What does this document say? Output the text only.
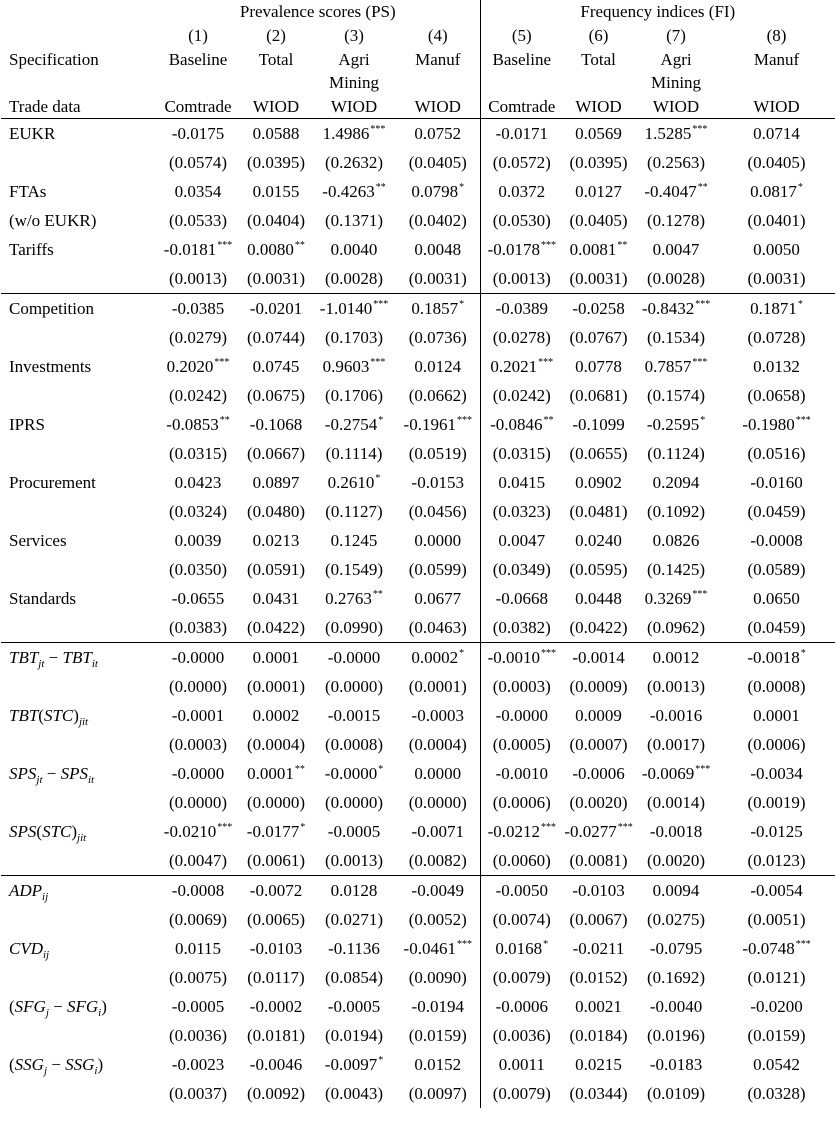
	Prevalence scores (PS)				Frequency indices (FI)			
	(1)	(2)	(3)	(4)	(5)	(6)	(7)	(8)
Specification	Baseline	Total	Agri	Manuf	Baseline	Total	Agri	Manuf
			Mining				Mining	
Trade data	Comtrade	WIOD	WIOD	WIOD	Comtrade	WIOD	WIOD	WIOD
EUKR	-0.0175	0.0588	1.4986***	0.0752	-0.0171	0.0569	1.5285***	0.0714
	(0.0574)	(0.0395)	(0.2632)	(0.0405)	(0.0572)	(0.0395)	(0.2563)	(0.0405)
FTAs	0.0354	0.0155	-0.4263**	0.0798*	0.0372	0.0127	-0.4047**	0.0817*
(w/o EUKR)	(0.0533)	(0.0404)	(0.1371)	(0.0402)	(0.0530)	(0.0405)	(0.1278)	(0.0401)
Tariffs	-0.0181***	0.0080**	0.0040	0.0048	-0.0178***	0.0081**	0.0047	0.0050
	(0.0013)	(0.0031)	(0.0028)	(0.0031)	(0.0013)	(0.0031)	(0.0028)	(0.0031)
Competition	-0.0385	-0.0201	-1.0140***	0.1857*	-0.0389	-0.0258	-0.8432***	0.1871*
	(0.0279)	(0.0744)	(0.1703)	(0.0736)	(0.0278)	(0.0767)	(0.1534)	(0.0728)
Investments	0.2020***	0.0745	0.9603***	0.0124	0.2021***	0.0778	0.7857***	0.0132
	(0.0242)	(0.0675)	(0.1706)	(0.0662)	(0.0242)	(0.0681)	(0.1574)	(0.0658)
IPRS	-0.0853**	-0.1068	-0.2754*	-0.1961***	-0.0846**	-0.1099	-0.2595*	-0.1980***
	(0.0315)	(0.0667)	(0.1114)	(0.0519)	(0.0315)	(0.0655)	(0.1124)	(0.0516)
Procurement	0.0423	0.0897	0.2610*	-0.0153	0.0415	0.0902	0.2094	-0.0160
	(0.0324)	(0.0480)	(0.1127)	(0.0456)	(0.0323)	(0.0481)	(0.1092)	(0.0459)
Services	0.0039	0.0213	0.1245	0.0000	0.0047	0.0240	0.0826	-0.0008
	(0.0350)	(0.0591)	(0.1549)	(0.0599)	(0.0349)	(0.0595)	(0.1425)	(0.0589)
Standards	-0.0655	0.0431	0.2763**	0.0677	-0.0668	0.0448	0.3269***	0.0650
	(0.0383)	(0.0422)	(0.0990)	(0.0463)	(0.0382)	(0.0422)	(0.0962)	(0.0459)
$TBT_{jt} - TBT_{it}$	-0.0000	0.0001	-0.0000	0.0002*	-0.0010***	-0.0014	0.0012	-0.0018*
	(0.0000)	(0.0001)	(0.0000)	(0.0001)	(0.0003)	(0.0009)	(0.0013)	(0.0008)
$TBT(STC)_{jit}$	-0.0001	0.0002	-0.0015	-0.0003	-0.0000	0.0009	-0.0016	0.0001
	(0.0003)	(0.0004)	(0.0008)	(0.0004)	(0.0005)	(0.0007)	(0.0017)	(0.0006)
$SPS_{jt} - SPS_{it}$	-0.0000	0.0001**	-0.0000*	0.0000	-0.0010	-0.0006	-0.0069***	-0.0034
	(0.0000)	(0.0000)	(0.0000)	(0.0000)	(0.0006)	(0.0020)	(0.0014)	(0.0019)
$SPS(STC)_{jit}$	-0.0210***	-0.0177*	-0.0005	-0.0071	-0.0212***	-0.0277***	-0.0018	-0.0125
	(0.0047)	(0.0061)	(0.0013)	(0.0082)	(0.0060)	(0.0081)	(0.0020)	(0.0123)
$ADP_{ij}$	-0.0008	-0.0072	0.0128	-0.0049	-0.0050	-0.0103	0.0094	-0.0054
	(0.0069)	(0.0065)	(0.0271)	(0.0052)	(0.0074)	(0.0067)	(0.0275)	(0.0051)
$CVD_{ij}$	0.0115	-0.0103	-0.1136	-0.0461***	0.0168*	-0.0211	-0.0795	-0.0748***
	(0.0075)	(0.0117)	(0.0854)	(0.0090)	(0.0079)	(0.0152)	(0.1692)	(0.0121)
$(SFG_j - SFG_i)$	-0.0005	-0.0002	-0.0005	-0.0194	-0.0006	0.0021	-0.0040	-0.0200
	(0.0036)	(0.0181)	(0.0194)	(0.0159)	(0.0036)	(0.0184)	(0.0196)	(0.0159)
$(SSG_j - SSG_i)$	-0.0023	-0.0046	-0.0097*	0.0152	0.0011	0.0215	-0.0183	0.0542
	(0.0037)	(0.0092)	(0.0043)	(0.0097)	(0.0079)	(0.0344)	(0.0109)	(0.0328)
